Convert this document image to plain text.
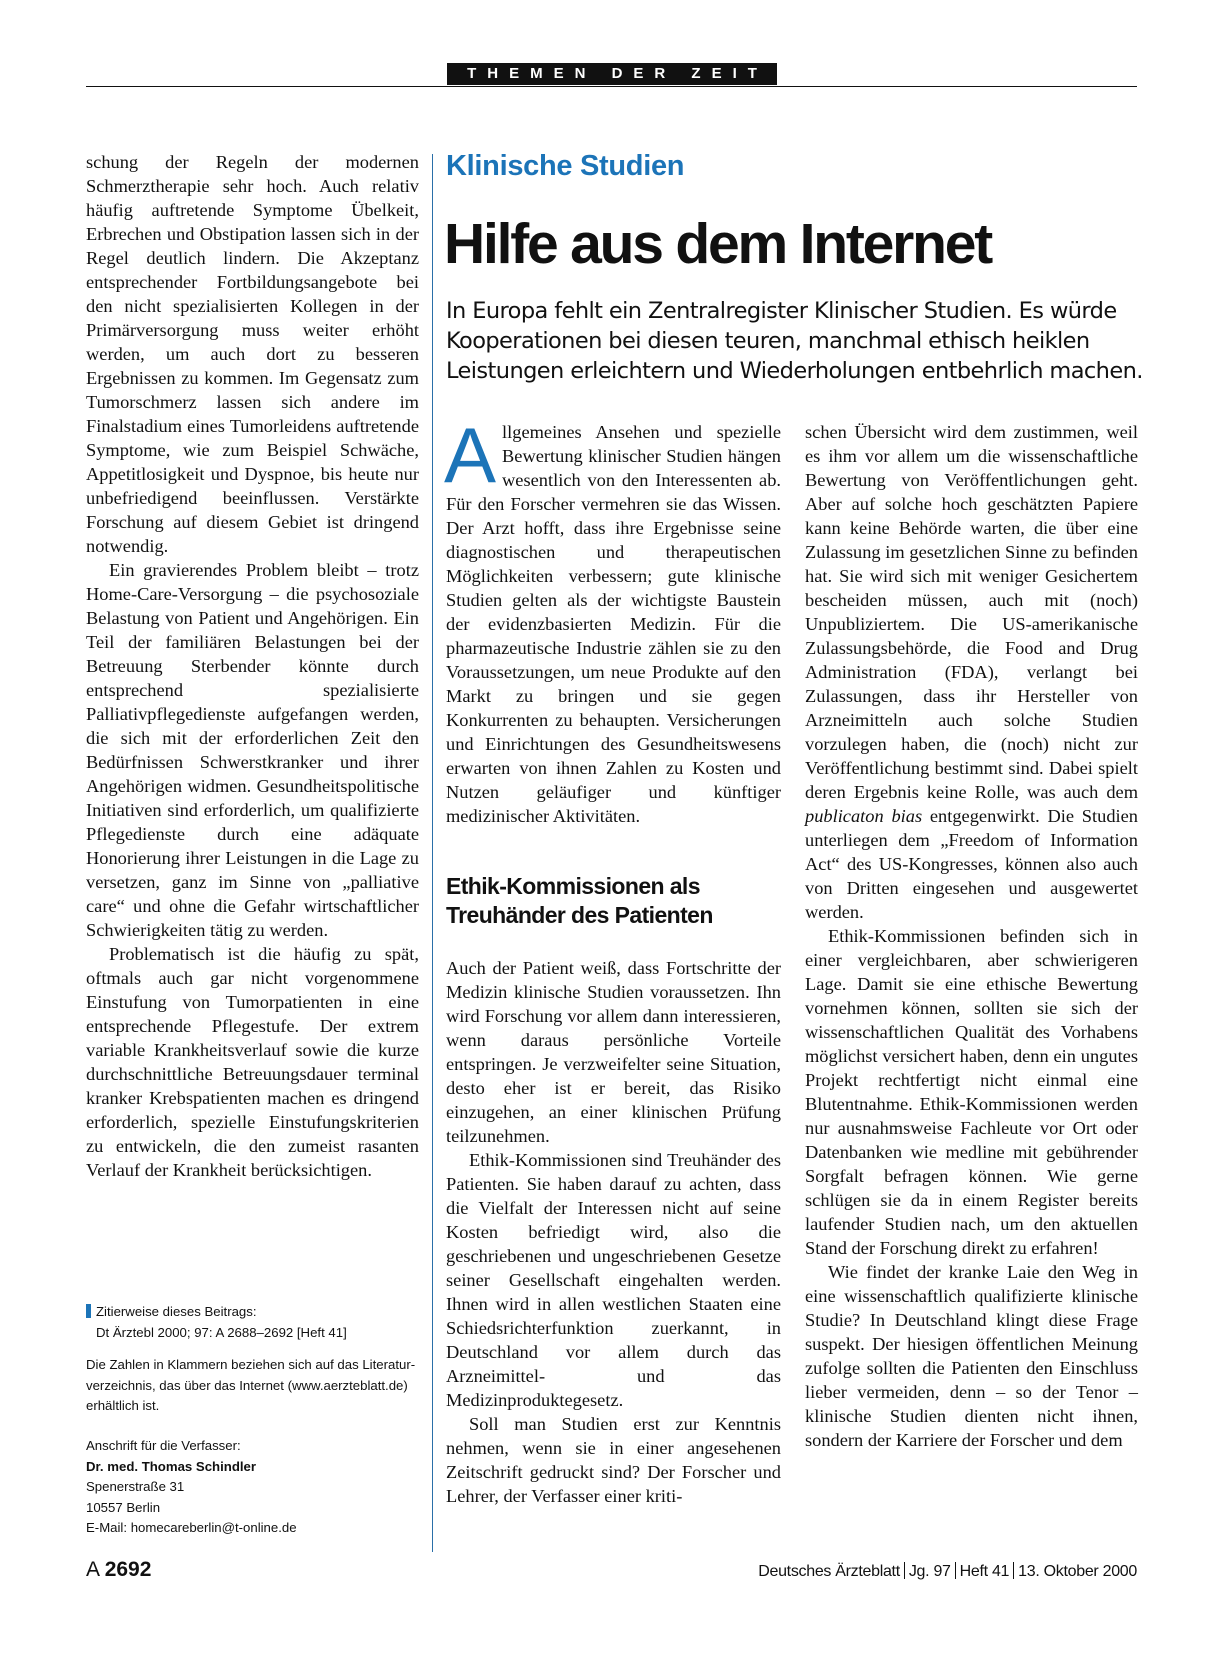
THEMEN DER ZEIT

schung der Regeln der modernen Schmerztherapie sehr hoch. Auch relativ häufig auftretende Symptome Übelkeit, Erbrechen und Obstipation lassen sich in der Regel deutlich lindern. Die Akzeptanz entsprechender Fortbildungsangebote bei den nicht spezialisierten Kollegen in der Primärversorgung muss weiter erhöht werden, um auch dort zu besseren Ergebnissen zu kommen. Im Gegensatz zum Tumorschmerz lassen sich andere im Finalstadium eines Tumorleidens auftretende Symptome, wie zum Beispiel Schwäche, Appetitlosigkeit und Dyspnoe, bis heute nur unbefriedigend beeinflussen. Verstärkte Forschung auf diesem Gebiet ist dringend notwendig.

Ein gravierendes Problem bleibt – trotz Home-Care-Versorgung – die psychosoziale Belastung von Patient und Angehörigen. Ein Teil der familiären Belastungen bei der Betreuung Sterbender könnte durch entsprechend spezialisierte Palliativpflegedienste aufgefangen werden, die sich mit der erforderlichen Zeit den Bedürfnissen Schwerstkranker und ihrer Angehörigen widmen. Gesundheitspolitische Initiativen sind erforderlich, um qualifizierte Pflegedienste durch eine adäquate Honorierung ihrer Leistungen in die Lage zu versetzen, ganz im Sinne von „palliative care“ und ohne die Gefahr wirtschaftlicher Schwierigkeiten tätig zu werden.

Problematisch ist die häufig zu spät, oftmals auch gar nicht vorgenommene Einstufung von Tumorpatienten in eine entsprechende Pflegestufe. Der extrem variable Krankheitsverlauf sowie die kurze durchschnittliche Betreuungsdauer terminal kranker Krebspatienten machen es dringend erforderlich, spezielle Einstufungskriterien zu entwickeln, die den zumeist rasanten Verlauf der Krankheit berücksichtigen.

Zitierweise dieses Beitrags:
Dt Ärztebl 2000; 97: A 2688–2692 [Heft 41]
Die Zahlen in Klammern beziehen sich auf das Literatur-
verzeichnis, das über das Internet (www.aerzteblatt.de)
erhältlich ist.
Anschrift für die Verfasser:
Dr. med. Thomas Schindler
Spenerstraße 31
10557 Berlin
E-Mail: homecareberlin@t-online.de
Klinische Studien
Hilfe aus dem Internet
In Europa fehlt ein Zentralregister Klinischer Studien. Es würde Kooperationen bei diesen teuren, manchmal ethisch heiklen Leistungen erleichtern und Wiederholungen entbehrlich machen.

Allgemeines Ansehen und spezielle Bewertung klinischer Studien hängen wesentlich von den Interessenten ab. Für den Forscher vermehren sie das Wissen. Der Arzt hofft, dass ihre Ergebnisse seine diagnostischen und therapeutischen Möglichkeiten verbessern; gute klinische Studien gelten als der wichtigste Baustein der evidenzbasierten Medizin. Für die pharmazeutische Industrie zählen sie zu den Voraussetzungen, um neue Produkte auf den Markt zu bringen und sie gegen Konkurrenten zu behaupten. Versicherungen und Einrichtungen des Gesundheitswesens erwarten von ihnen Zahlen zu Kosten und Nutzen geläufiger und künftiger medizinischer Aktivitäten.

Ethik-Kommissionen als
Treuhänder des Patienten

Auch der Patient weiß, dass Fortschritte der Medizin klinische Studien voraussetzen. Ihn wird Forschung vor allem dann interessieren, wenn daraus persönliche Vorteile entspringen. Je verzweifelter seine Situation, desto eher ist er bereit, das Risiko einzugehen, an einer klinischen Prüfung teilzunehmen.

Ethik-Kommissionen sind Treuhänder des Patienten. Sie haben darauf zu achten, dass die Vielfalt der Interessen nicht auf seine Kosten befriedigt wird, also die geschriebenen und ungeschriebenen Gesetze seiner Gesellschaft eingehalten werden. Ihnen wird in allen westlichen Staaten eine Schiedsrichterfunktion zuerkannt, in Deutschland vor allem durch das Arzneimittel- und das Medizinproduktegesetz.

Soll man Studien erst zur Kenntnis nehmen, wenn sie in einer angesehenen Zeitschrift gedruckt sind? Der Forscher und Lehrer, der Verfasser einer kriti-

schen Übersicht wird dem zustimmen, weil es ihm vor allem um die wissenschaftliche Bewertung von Veröffentlichungen geht. Aber auf solche hoch geschätzten Papiere kann keine Behörde warten, die über eine Zulassung im gesetzlichen Sinne zu befinden hat. Sie wird sich mit weniger Gesichertem bescheiden müssen, auch mit (noch) Unpubliziertem. Die US-amerikanische Zulassungsbehörde, die Food and Drug Administration (FDA), verlangt bei Zulassungen, dass ihr Hersteller von Arzneimitteln auch solche Studien vorzulegen haben, die (noch) nicht zur Veröffentlichung bestimmt sind. Dabei spielt deren Ergebnis keine Rolle, was auch dem publicaton bias entgegenwirkt. Die Studien unterliegen dem „Freedom of Information Act“ des US-Kongresses, können also auch von Dritten eingesehen und ausgewertet werden.

Ethik-Kommissionen befinden sich in einer vergleichbaren, aber schwierigeren Lage. Damit sie eine ethische Bewertung vornehmen können, sollten sie sich der wissenschaftlichen Qualität des Vorhabens möglichst versichert haben, denn ein ungutes Projekt rechtfertigt nicht einmal eine Blutentnahme. Ethik-Kommissionen werden nur ausnahmsweise Fachleute vor Ort oder Datenbanken wie medline mit gebührender Sorgfalt befragen können. Wie gerne schlügen sie da in einem Register bereits laufender Studien nach, um den aktuellen Stand der Forschung direkt zu erfahren!

Wie findet der kranke Laie den Weg in eine wissenschaftlich qualifizierte klinische Studie? In Deutschland klingt diese Frage suspekt. Der hiesigen öffentlichen Meinung zufolge sollten die Patienten den Einschluss lieber vermeiden, denn – so der Tenor – klinische Studien dienten nicht ihnen, sondern der Karriere der Forscher und dem

A 2692	Deutsches Ärzteblatt Jg. 97 Heft 41 13. Oktober 2000
